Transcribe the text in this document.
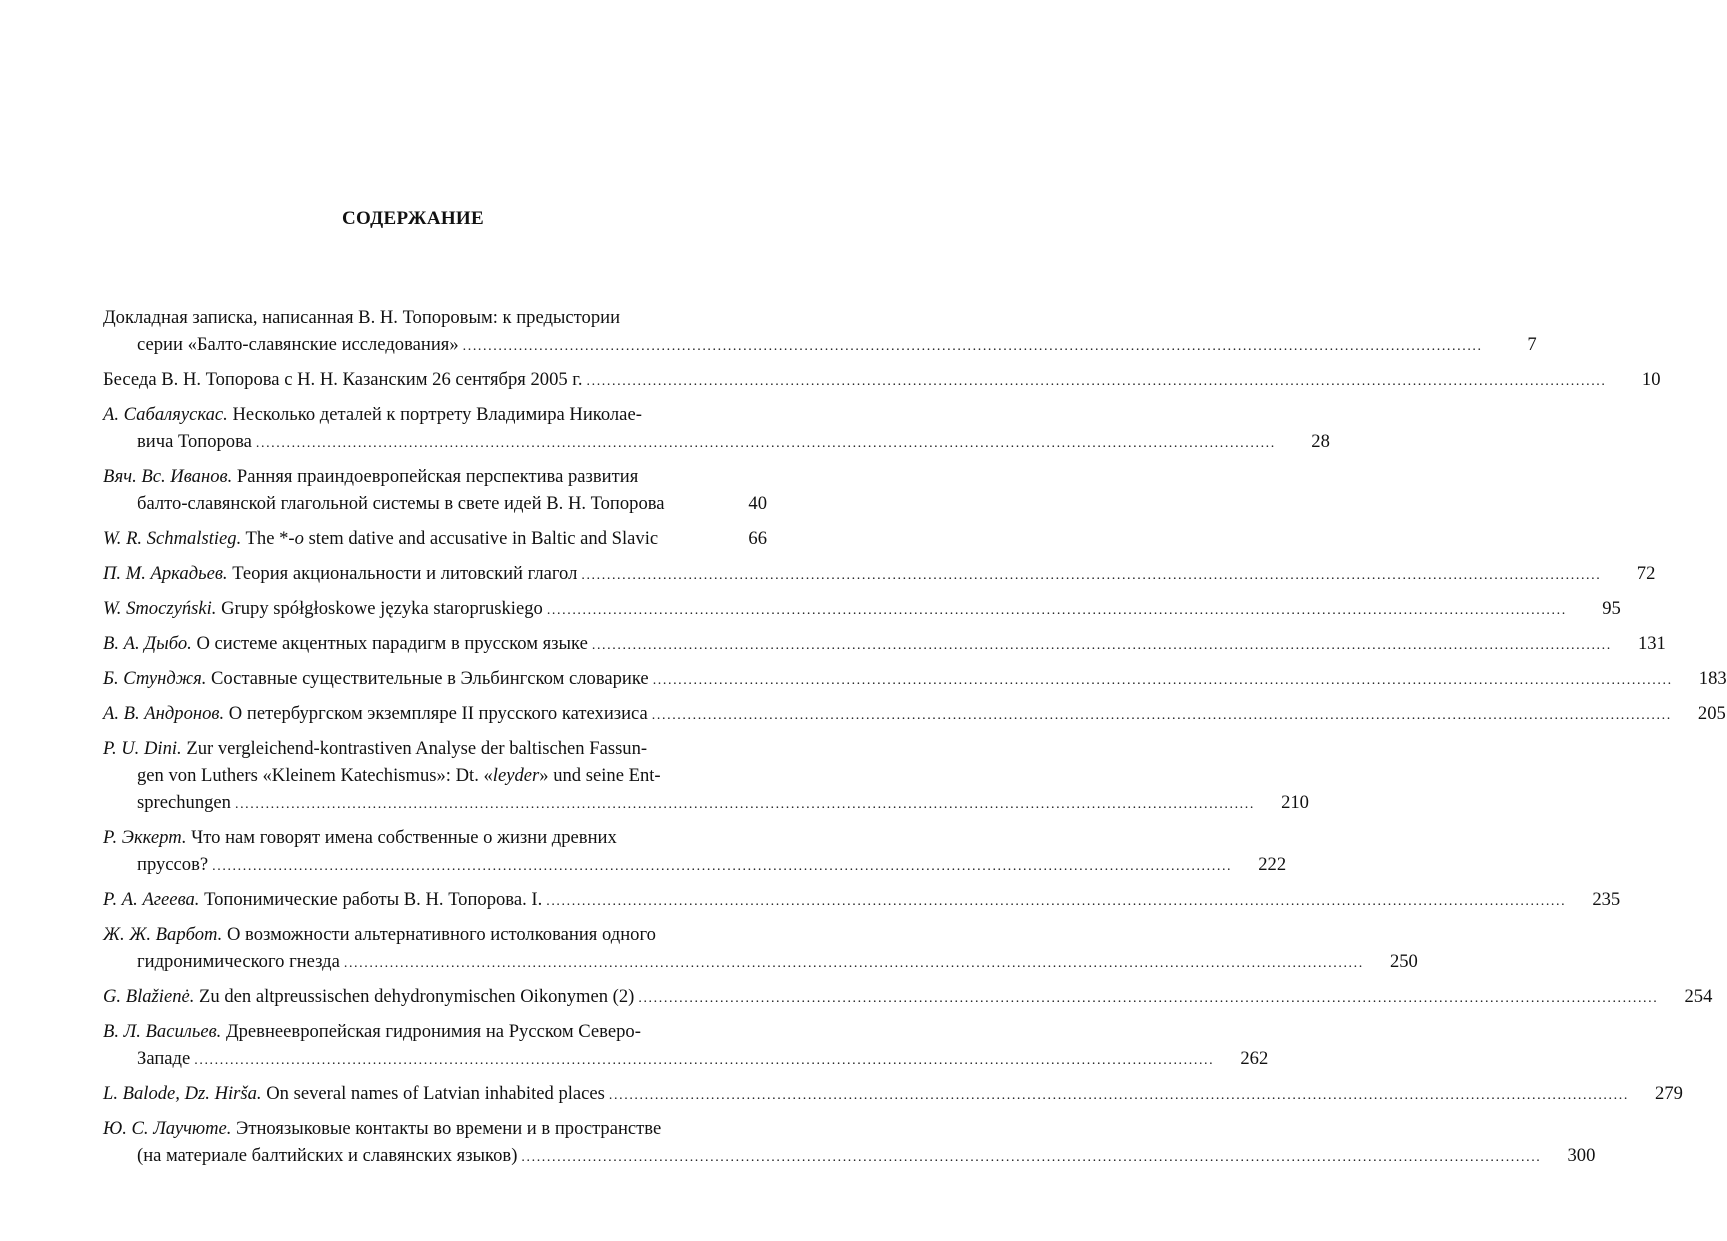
СОДЕРЖАНИЕ
Докладная записка, написанная В. Н. Топоровым: к предыстории
серии «Балто-славянские исследования» ........................................................................................................................................................................................................	7
Беседа В. Н. Топорова с Н. Н. Казанским 26 сентября 2005 г. ........................................................................................................................................................................................................	10
А. Сабаляускас. Несколько деталей к портрету Владимира Николае-
вича Топорова ........................................................................................................................................................................................................	28
Вяч. Вс. Иванов. Ранняя праиндоевропейская перспектива развития
балто-славянской глагольной системы в свете идей В. Н. Топорова	40
W. R. Schmalstieg. The *-o stem dative and accusative in Baltic and Slavic	66
П. М. Аркадьев. Теория акциональности и литовский глагол ........................................................................................................................................................................................................	72
W. Smoczyński. Grupy spółgłoskowe języka staropruskiego ........................................................................................................................................................................................................	95
В. А. Дыбо. О системе акцентных парадигм в прусском языке ........................................................................................................................................................................................................	131
Б. Стунджя. Составные существительные в Эльбингском словарике ........................................................................................................................................................................................................	183
А. В. Андронов. О петербургском экземпляре II прусского катехизиса ........................................................................................................................................................................................................	205
P. U. Dini. Zur vergleichend-kontrastiven Analyse der baltischen Fassun-
gen von Luthers «Kleinem Katechismus»: Dt. «leyder» und seine Ent-
sprechungen ........................................................................................................................................................................................................	210
Р. Эккерт. Что нам говорят имена собственные о жизни древних
пруссов? ........................................................................................................................................................................................................	222
Р. А. Агеева. Топонимические работы В. Н. Топорова. I. ........................................................................................................................................................................................................	235
Ж. Ж. Варбот. О возможности альтернативного истолкования одного
гидронимического гнезда ........................................................................................................................................................................................................	250
G. Blažienė. Zu den altpreussischen dehydronymischen Oikonymen (2) ........................................................................................................................................................................................................	254
В. Л. Васильев. Древнеевропейская гидронимия на Русском Северо-
Западе ........................................................................................................................................................................................................	262
L. Balode, Dz. Hirša. On several names of Latvian inhabited places ........................................................................................................................................................................................................	279
Ю. С. Лаучюте. Этноязыковые контакты во времени и в пространстве
(на материале балтийских и славянских языков) ........................................................................................................................................................................................................	300
